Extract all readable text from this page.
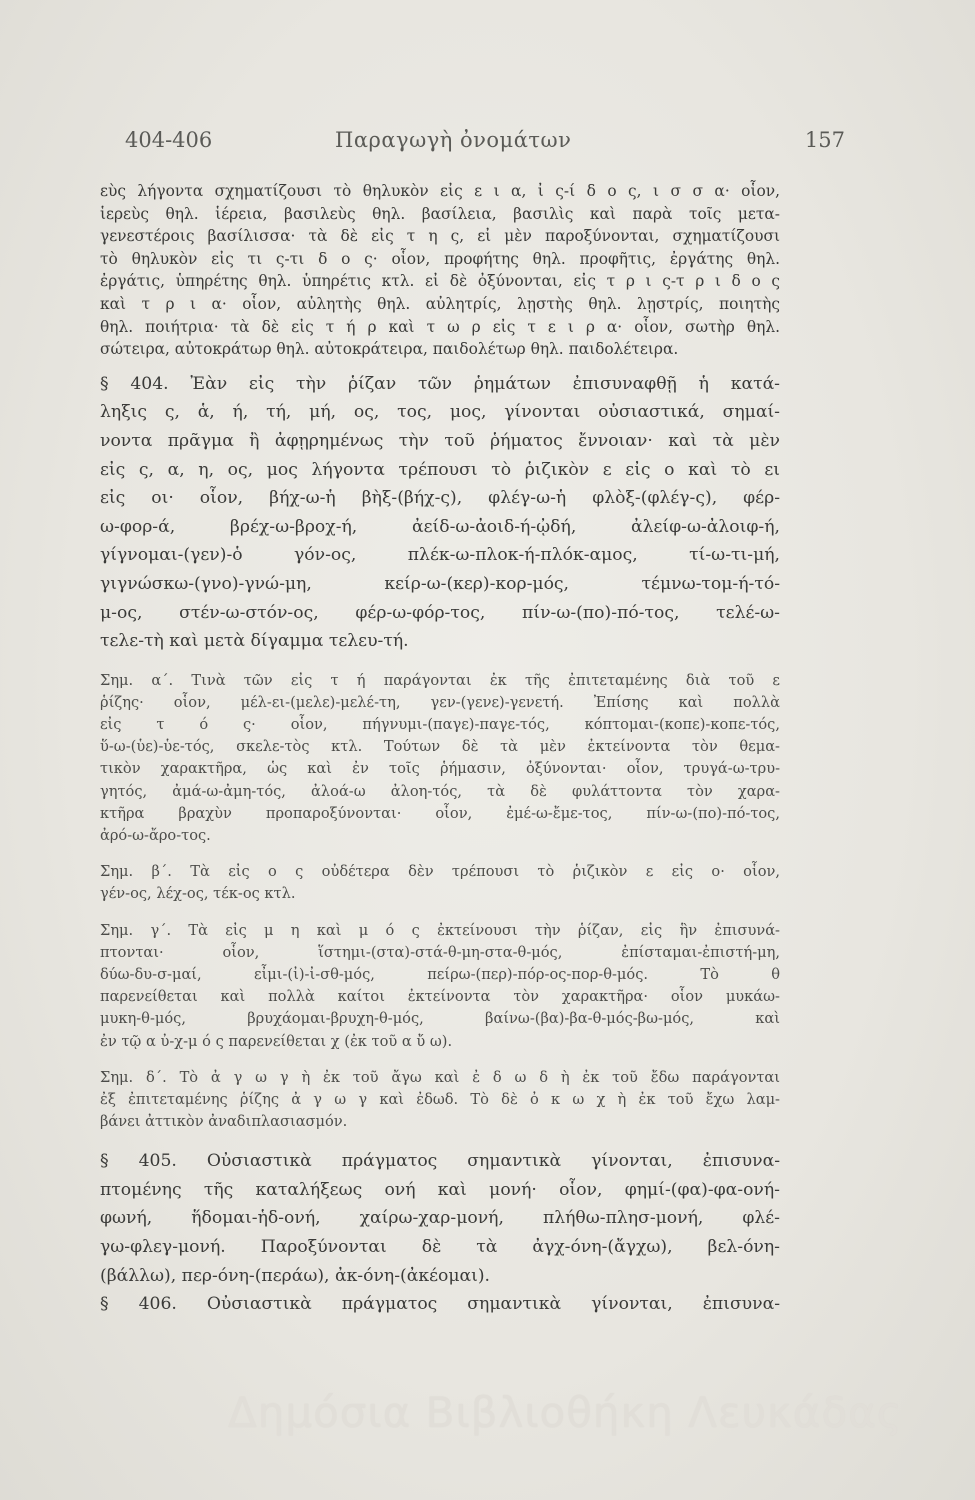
404-406	Παραγωγὴ ὀνομάτων	157
εὺς λήγοντα σχηματίζουσι τὸ θηλυκὸν εἰς ε ι α, ἰ ς-ί δ ο ς, ι σ σ α· οἷον,
ἱερεὺς θηλ. ἱέρεια, βασιλεὺς θηλ. βασίλεια, βασιλὶς καὶ παρὰ τοῖς μετα-
γενεστέροις βασίλισσα· τὰ δὲ εἰς τ η ς, εἰ μὲν παροξύνονται, σχηματίζουσι
τὸ θηλυκὸν εἰς τι ς-τι δ ο ς· οἷον, προφήτης θηλ. προφῆτις, ἐργάτης θηλ.
ἐργάτις, ὑπηρέτης θηλ. ὑπηρέτις κτλ. εἰ δὲ ὀξύνονται, εἰς τ ρ ι ς-τ ρ ι δ ο ς
καὶ τ ρ ι α· οἷον, αὐλητὴς θηλ. αὐλητρίς, λῃστὴς θηλ. λῃστρίς, ποιητὴς
θηλ. ποιήτρια· τὰ δὲ εἰς τ ή ρ καὶ τ ω ρ εἰς τ ε ι ρ α· οἷον, σωτὴρ θηλ.
σώτειρα, αὐτοκράτωρ θηλ. αὐτοκράτειρα, παιδολέτωρ θηλ. παιδολέτειρα.
§ 404. Ἐὰν εἰς τὴν ῥίζαν τῶν ῥημάτων ἐπισυναφθῇ ἡ κατά-
ληξις ς, ἁ, ή, τή, μή, ος, τος, μος, γίνονται οὐσιαστικά, σημαί-
νοντα πρᾶγμα ἢ ἀφῃρημένως τὴν τοῦ ῥήματος ἔννοιαν· καὶ τὰ μὲν
εἰς ς, α, η, ος, μος λήγοντα τρέπουσι τὸ ῥιζικὸν ε εἰς ο καὶ τὸ ει
εἰς οι· οἷον, βήχ-ω-ἡ βὴξ-(βήχ-ς), φλέγ-ω-ἡ φλὸξ-(φλέγ-ς), φέρ-
ω-φορ-ά, βρέχ-ω-βροχ-ή, ἀείδ-ω-ἀοιδ-ή-ᾠδή, ἀλείφ-ω-ἀλοιφ-ή,
γίγνομαι-(γεν)-ὁ γόν-ος, πλέκ-ω-πλοκ-ή-πλόκ-αμος, τί-ω-τι-μή,
γιγνώσκω-(γνο)-γνώ-μη, κείρ-ω-(κερ)-κορ-μός, τέμνω-τομ-ή-τό-
μ-ος, στέν-ω-στόν-ος, φέρ-ω-φόρ-τος, πίν-ω-(πο)-πό-τος, τελέ-ω-
τελε-τὴ καὶ μετὰ δίγαμμα τελευ-τή.
Σημ. α΄. Τινὰ τῶν εἰς τ ή παράγονται ἐκ τῆς ἐπιτεταμένης διὰ τοῦ ε
ῥίζης· οἷον, μέλ-ει-(μελε)-μελέ-τη, γεν-(γενε)-γενετή. Ἐπίσης καὶ πολλὰ
εἰς τ ό ς· οἷον, πήγνυμι-(παγε)-παγε-τός, κόπτομαι-(κοπε)-κοπε-τός,
ὕ-ω-(ὑε)-ὑε-τός, σκελε-τὸς κτλ. Τούτων δὲ τὰ μὲν ἐκτείνοντα τὸν θεμα-
τικὸν χαρακτῆρα, ὡς καὶ ἐν τοῖς ῥήμασιν, ὀξύνονται· οἷον, τρυγά-ω-τρυ-
γητός, ἀμά-ω-ἀμη-τός, ἀλοά-ω ἀλοη-τός, τὰ δὲ φυλάττοντα τὸν χαρα-
κτῆρα βραχὺν προπαροξύνονται· οἷον, ἐμέ-ω-ἔμε-τος, πίν-ω-(πο)-πό-τος,
ἀρό-ω-ἄρο-τος.
Σημ. β΄. Τὰ εἰς ο ς οὐδέτερα δὲν τρέπουσι τὸ ῥιζικὸν ε εἰς ο· οἷον,
γέν-ος, λέχ-ος, τέκ-ος κτλ.
Σημ. γ΄. Τὰ εἰς μ η καὶ μ ό ς ἐκτείνουσι τὴν ῥίζαν, εἰς ἣν ἐπισυνά-
πτονται· οἷον, ἵστημι-(στα)-στά-θ-μη-στα-θ-μός, ἐπίσταμαι-ἐπιστή-μη,
δύω-δυ-σ-μαί, εἶμι-(ἰ)-ἰ-σθ-μός, πείρω-(περ)-πόρ-ος-πορ-θ-μός. Τὸ θ
παρενείθεται καὶ πολλὰ καίτοι ἐκτείνοντα τὸν χαρακτῆρα· οἷον μυκάω-
μυκη-θ-μός, βρυχάομαι-βρυχη-θ-μός, βαίνω-(βα)-βα-θ-μός-βω-μός, καὶ
ἐν τῷ α ὐ-χ-μ ό ς παρενείθεται χ (ἐκ τοῦ α ὔ ω).
Σημ. δ΄. Τὸ ἀ γ ω γ ὴ ἐκ τοῦ ἄγω καὶ ἐ δ ω δ ὴ ἐκ τοῦ ἔδω παράγονται
ἐξ ἐπιτεταμένης ῥίζης ἀ γ ω γ καὶ ἐδωδ. Τὸ δὲ ὀ κ ω χ ὴ ἐκ τοῦ ἔχω λαμ-
βάνει ἀττικὸν ἀναδιπλασιασμόν.
§ 405. Οὐσιαστικὰ πράγματος σημαντικὰ γίνονται, ἐπισυνα-
πτομένης τῆς καταλήξεως ονή καὶ μονή· οἷον, φημί-(φα)-φα-ονή-
φωνή, ἥδομαι-ἡδ-ονή, χαίρω-χαρ-μονή, πλήθω-πλησ-μονή, φλέ-
γω-φλεγ-μονή. Παροξύνονται δὲ τὰ ἀγχ-όνη-(ἄγχω), βελ-όνη-
(βάλλω), περ-όνη-(περάω), ἀκ-όνη-(ἀκέομαι).
§ 406. Οὐσιαστικὰ πράγματος σημαντικὰ γίνονται, ἐπισυνα-
Δημόσια Βιβλιοθήκη Λευκάδας
